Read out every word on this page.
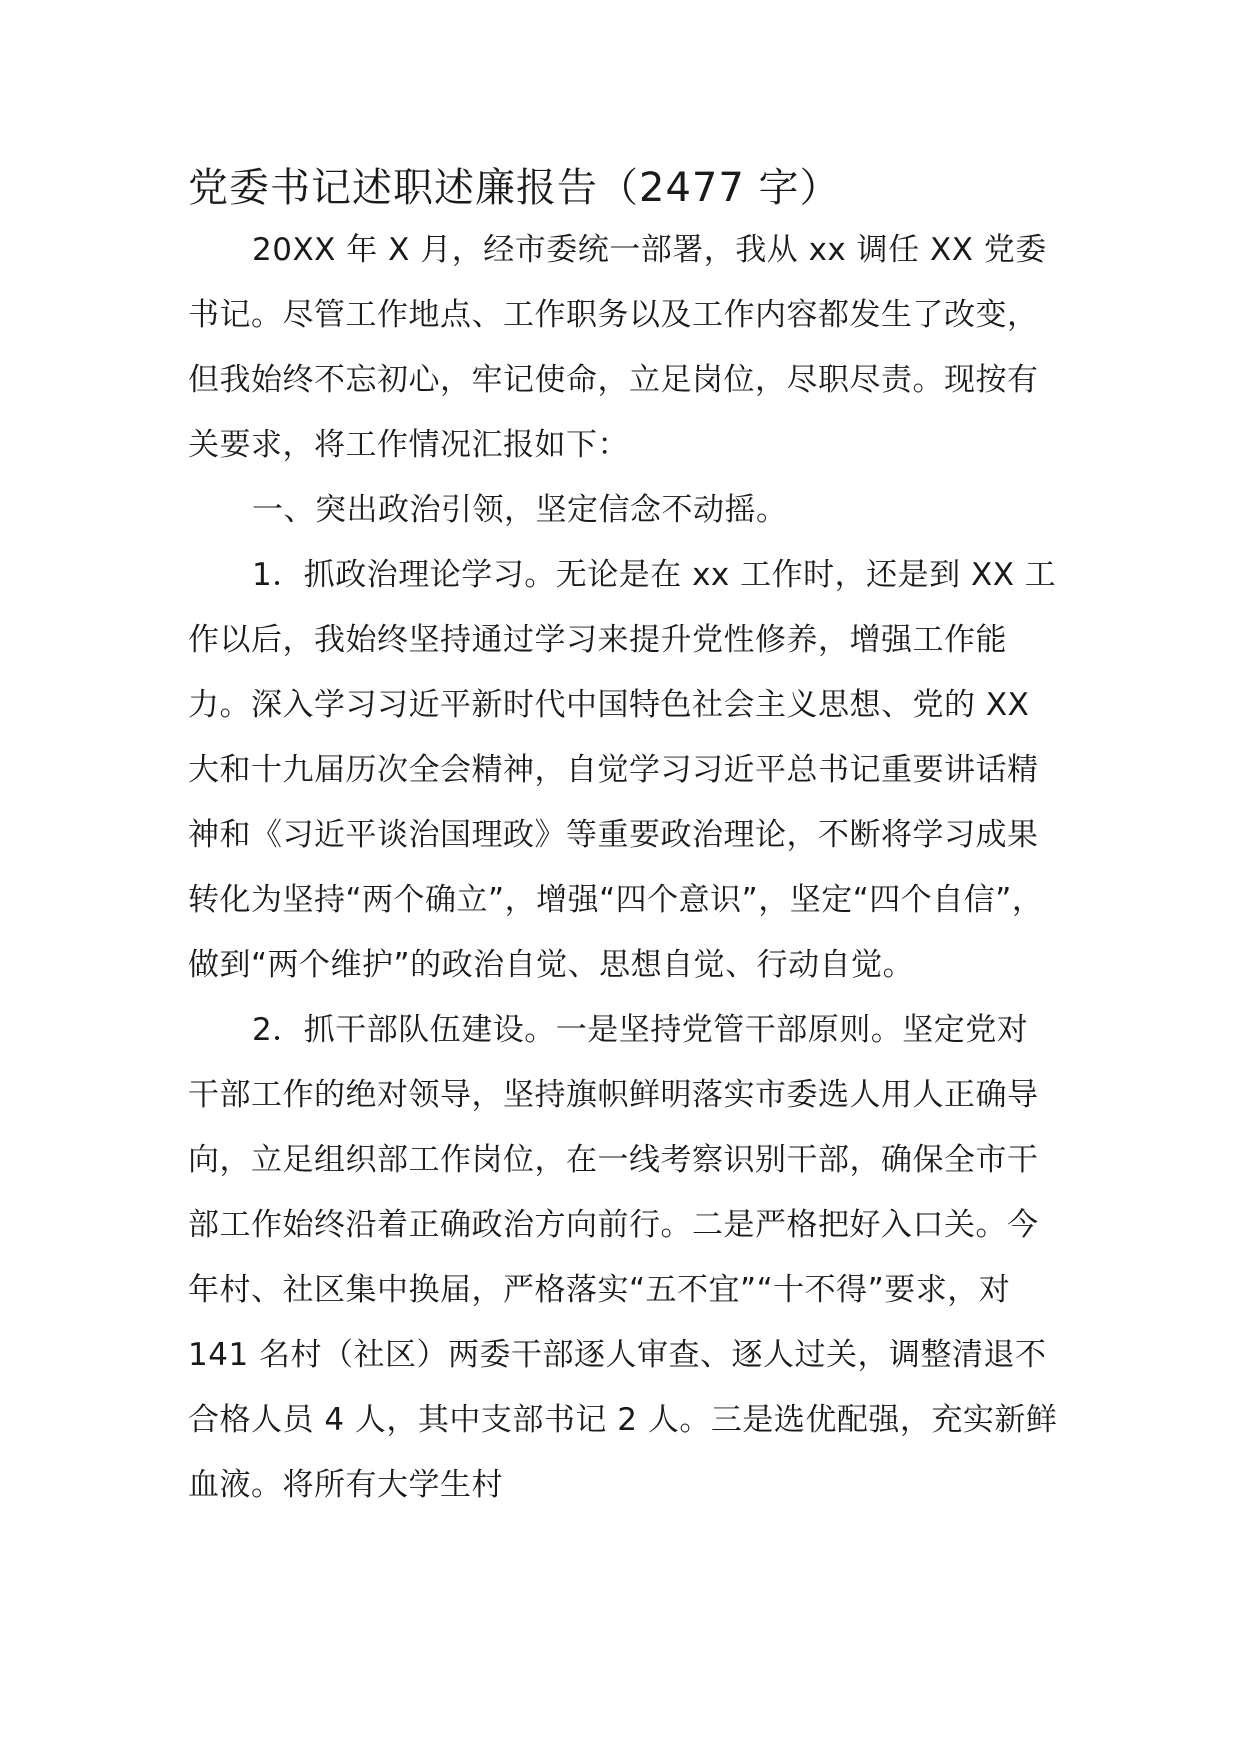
党委书记述职述廉报告（2477 字）

20XX 年 X 月，经市委统一部署，我从 xx 调任 XX 党委书记。尽管工作地点、工作职务以及工作内容都发生了改变，但我始终不忘初心，牢记使命，立足岗位，尽职尽责。现按有关要求，将工作情况汇报如下：

一、突出政治引领，坚定信念不动摇。

1．抓政治理论学习。无论是在 xx 工作时，还是到 XX 工作以后，我始终坚持通过学习来提升党性修养，增强工作能力。深入学习习近平新时代中国特色社会主义思想、党的 XX 大和十九届历次全会精神，自觉学习习近平总书记重要讲话精神和《习近平谈治国理政》等重要政治理论，不断将学习成果转化为坚持“两个确立”，增强“四个意识”，坚定“四个自信”，做到“两个维护”的政治自觉、思想自觉、行动自觉。

2．抓干部队伍建设。一是坚持党管干部原则。坚定党对干部工作的绝对领导，坚持旗帜鲜明落实市委选人用人正确导向，立足组织部工作岗位，在一线考察识别干部，确保全市干部工作始终沿着正确政治方向前行。二是严格把好入口关。今年村、社区集中换届，严格落实“五不宜”“十不得”要求，对 141 名村（社区）两委干部逐人审查、逐人过关，调整清退不合格人员 4 人，其中支部书记 2 人。三是选优配强，充实新鲜血液。将所有大学生村
